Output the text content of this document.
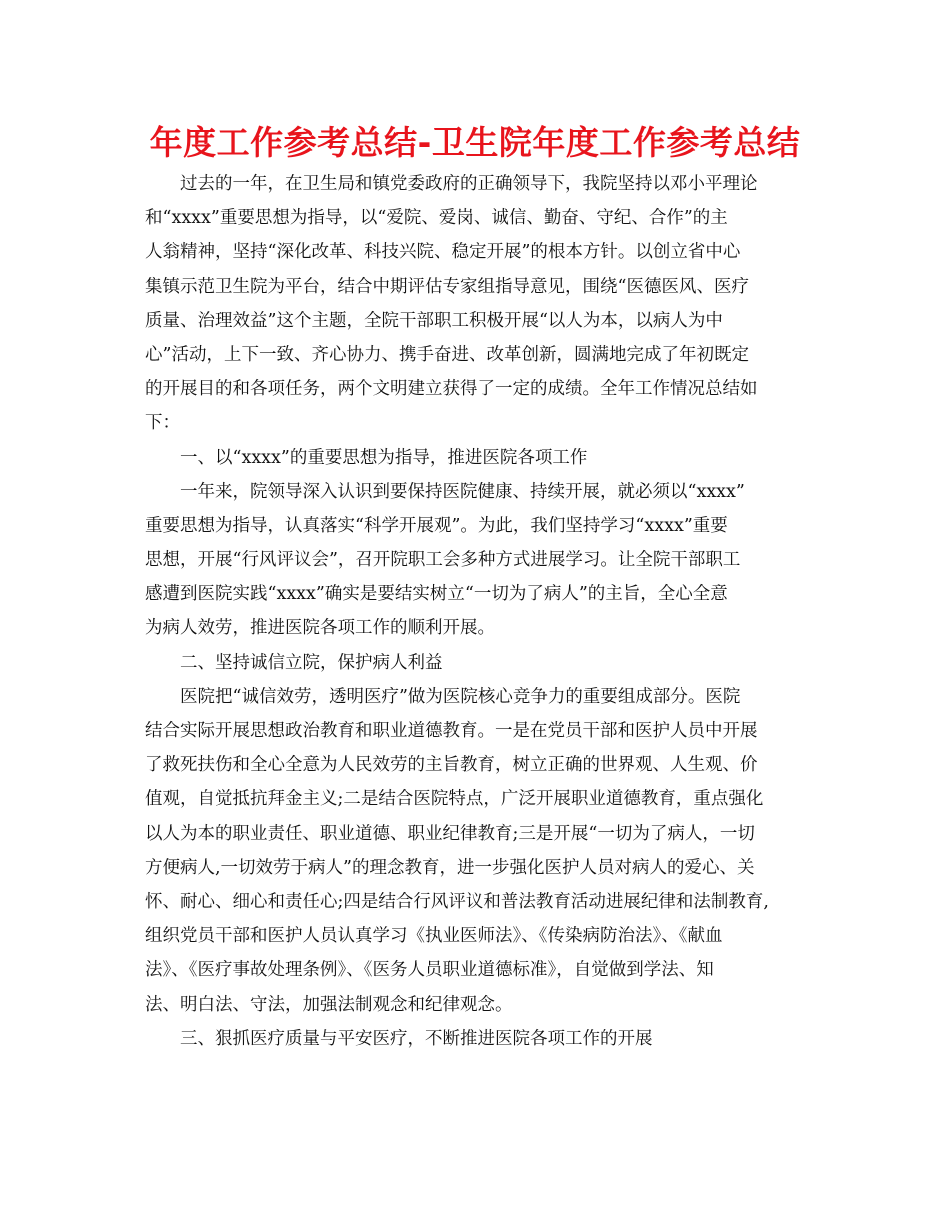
年度工作参考总结-卫生院年度工作参考总结
过去的一年，在卫生局和镇党委政府的正确领导下，我院坚持以邓小平理论
和“xxxx”重要思想为指导，以“爱院、爱岗、诚信、勤奋、守纪、合作”的主
人翁精神，坚持“深化改革、科技兴院、稳定开展”的根本方针。以创立省中心
集镇示范卫生院为平台，结合中期评估专家组指导意见，围绕“医德医风、医疗
质量、治理效益”这个主题，全院干部职工积极开展“以人为本，以病人为中
心”活动，上下一致、齐心协力、携手奋进、改革创新，圆满地完成了年初既定
的开展目的和各项任务，两个文明建立获得了一定的成绩。全年工作情况总结如
下：
一、以“xxxx”的重要思想为指导，推进医院各项工作
一年来，院领导深入认识到要保持医院健康、持续开展，就必须以“xxxx”
重要思想为指导，认真落实“科学开展观”。为此，我们坚持学习“xxxx”重要
思想，开展“行风评议会”，召开院职工会多种方式进展学习。让全院干部职工
感遭到医院实践“xxxx”确实是要结实树立“一切为了病人”的主旨，全心全意
为病人效劳，推进医院各项工作的顺利开展。
二、坚持诚信立院，保护病人利益
医院把“诚信效劳，透明医疗”做为医院核心竞争力的重要组成部分。医院
结合实际开展思想政治教育和职业道德教育。一是在党员干部和医护人员中开展
了救死扶伤和全心全意为人民效劳的主旨教育，树立正确的世界观、人生观、价
值观，自觉抵抗拜金主义;二是结合医院特点，广泛开展职业道德教育，重点强化
以人为本的职业责任、职业道德、职业纪律教育;三是开展“一切为了病人，一切
方便病人,一切效劳于病人”的理念教育，进一步强化医护人员对病人的爱心、关
怀、耐心、细心和责任心;四是结合行风评议和普法教育活动进展纪律和法制教育,
组织党员干部和医护人员认真学习《执业医师法》、《传染病防治法》、《献血
法》、《医疗事故处理条例》、《医务人员职业道德标准》，自觉做到学法、知
法、明白法、守法，加强法制观念和纪律观念。
三、狠抓医疗质量与平安医疗，不断推进医院各项工作的开展
